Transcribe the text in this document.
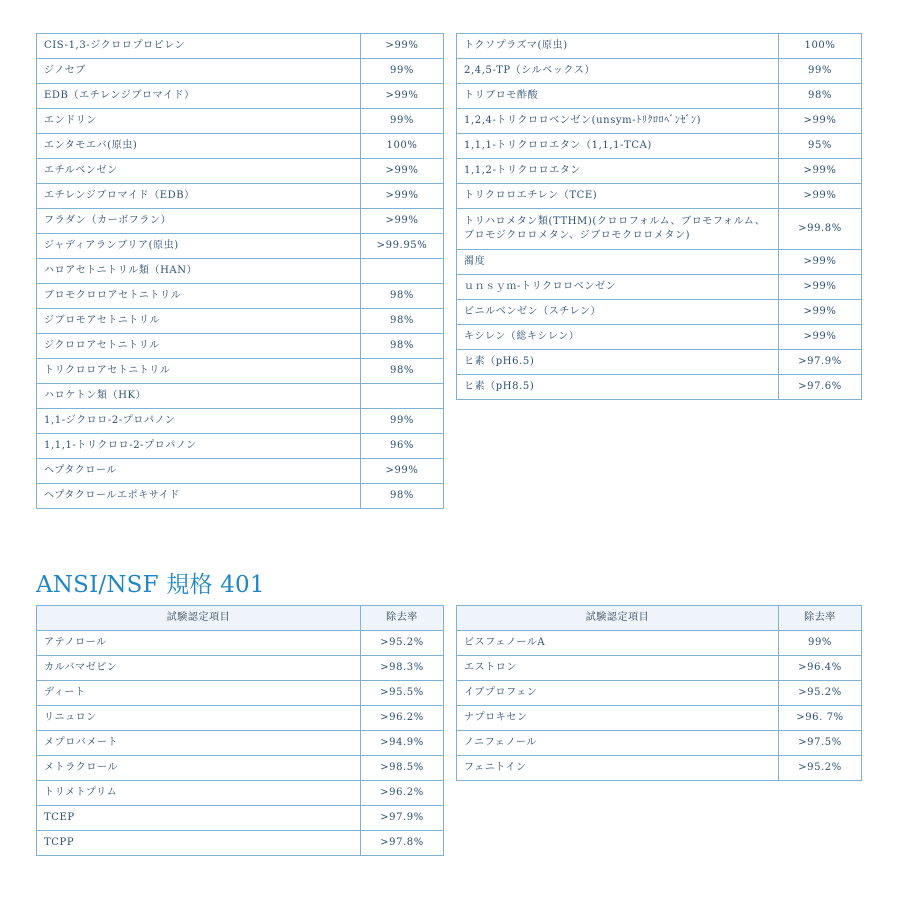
CIS-1,3-ジクロロプロピレン	>99%
ジノセブ	99%
EDB（エチレンジブロマイド）	>99%
エンドリン	99%
エンタモエバ(原虫)	100%
エチルベンゼン	>99%
エチレンジブロマイド（EDB）	>99%
フラダン（カーボフラン）	>99%
ジャディアランブリア(原虫)	>99.95%
ハロアセトニトリル類（HAN）	
ブロモクロロアセトニトリル	98%
ジブロモアセトニトリル	98%
ジクロロアセトニトリル	98%
トリクロロアセトニトリル	98%
ハロケトン類（HK）	
1,1-ジクロロ-2-プロパノン	99%
1,1,1-トリクロロ-2-プロパノン	96%
ヘプタクロール	>99%
ヘプタクロールエポキサイド	98%
トクソプラズマ(原虫)	100%
2,4,5-TP（シルベックス）	99%
トリブロモ酢酸	98%
1,2,4-トリクロロベンゼン(unsym-ﾄﾘｸﾛﾛﾍﾞﾝｾﾞﾝ)	>99%
1,1,1-トリクロロエタン（1,1,1-TCA)	95%
1,1,2-トリクロロエタン	>99%
トリクロロエチレン（TCE)	>99%
トリハロメタン類(TTHM)(クロロフォルム、ブロモフォルム、ブロモジクロロメタン、ジブロモクロロメタン)	>99.8%
濁度	>99%
ｕｎｓｙｍ-トリクロロベンゼン	>99%
ビニルベンゼン（スチレン）	>99%
キシレン（総キシレン）	>99%
ヒ素（pH6.5)	>97.9%
ヒ素（pH8.5)	>97.6%
ANSI/NSF 規格 401
試験認定項目	除去率
アテノロール	>95.2%
カルバマゼピン	>98.3%
ディート	>95.5%
リニュロン	>96.2%
メプロバメート	>94.9%
メトラクロール	>98.5%
トリメトプリム	>96.2%
TCEP	>97.9%
TCPP	>97.8%
試験認定項目	除去率
ビスフェノールA	99%
エストロン	>96.4%
イブプロフェン	>95.2%
ナプロキセン	>96. 7%
ノニフェノール	>97.5%
フェニトイン	>95.2%
